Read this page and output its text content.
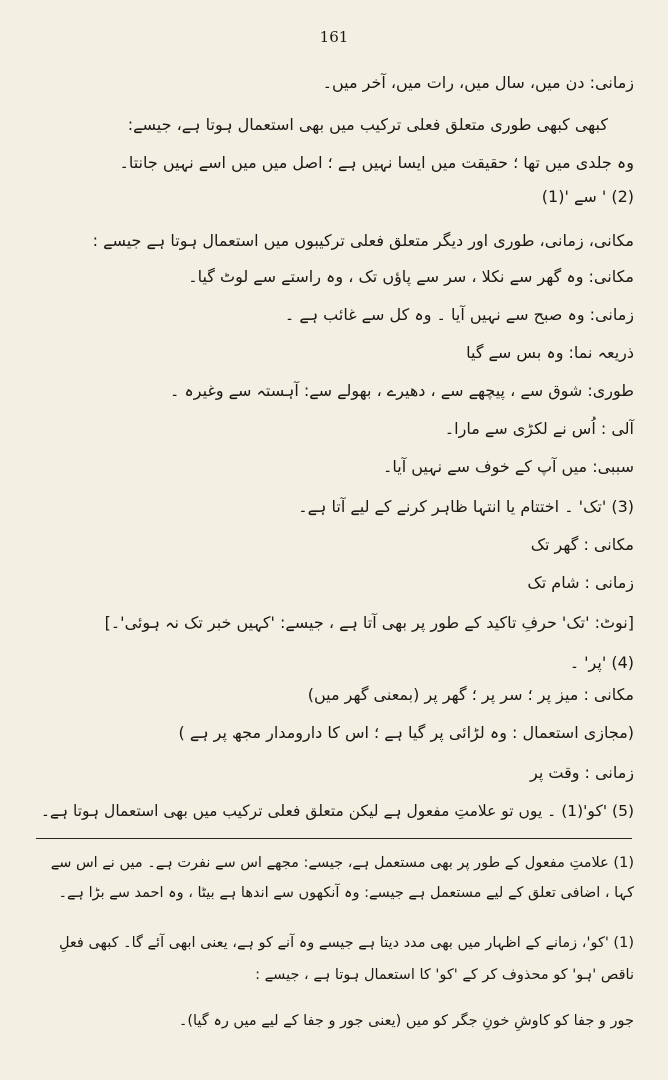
161
زمانی: دن میں، سال میں، رات میں، آخر میں۔
کبھی کبھی طوری متعلق فعلی ترکیب میں بھی استعمال ہوتا ہے، جیسے:
وہ جلدی میں تھا ؛ حقیقت میں ایسا نہیں ہے ؛ اصل میں میں اسے نہیں جانتا۔
(2) ' سے '(1)
مکانی، زمانی، طوری اور دیگر متعلق فعلی ترکیبوں میں استعمال ہوتا ہے جیسے :
مکانی: وہ گھر سے نکلا ، سر سے پاؤں تک ، وہ راستے سے لوٹ گیا۔
زمانی: وہ صبح سے نہیں آیا ۔ وہ کل سے غائب ہے ۔
ذریعہ نما: وہ بس سے گیا
طوری: شوق سے ، پیچھے سے ، دھیرے ، بھولے سے: آہستہ سے وغیرہ ۔
آلی : اُس نے لکڑی سے مارا۔
سببی: میں آپ کے خوف سے نہیں آیا۔
(3) 'تک' ۔ اختتام یا انتہا ظاہر کرنے کے لیے آتا ہے۔
مکانی : گھر تک
زمانی : شام تک
[نوٹ: 'تک' حرفِ تاکید کے طور پر بھی آتا ہے ، جیسے: 'کہیں خبر تک نہ ہوئی'۔]
(4) 'پر' ۔
مکانی : میز پر ؛ سر پر ؛ گھر پر (بمعنی گھر میں)
(مجازی استعمال : وہ لڑائی پر گیا ہے ؛ اس کا دارومدار مجھ پر ہے )
زمانی : وقت پر
(5) 'کو'(1) ۔ یوں تو علامتِ مفعول ہے لیکن متعلق فعلی ترکیب میں بھی استعمال ہوتا ہے۔
(1) علامتِ مفعول کے طور پر بھی مستعمل ہے، جیسے: مجھے اس سے نفرت ہے۔ میں نے اس سے
کہا ، اضافی تعلق کے لیے مستعمل ہے جیسے: وہ آنکھوں سے اندھا ہے بیٹا ، وہ احمد سے بڑا ہے۔
(1) 'کو'، زمانے کے اظہار میں بھی مدد دیتا ہے جیسے وہ آنے کو ہے، یعنی ابھی آئے گا۔ کبھی فعلِ
ناقص 'ہو' کو محذوف کر کے 'کو' کا استعمال ہوتا ہے ، جیسے :
جور و جفا کو کاوشِ خونِ جگر کو میں (یعنی جور و جفا کے لیے میں رہ گیا)۔
